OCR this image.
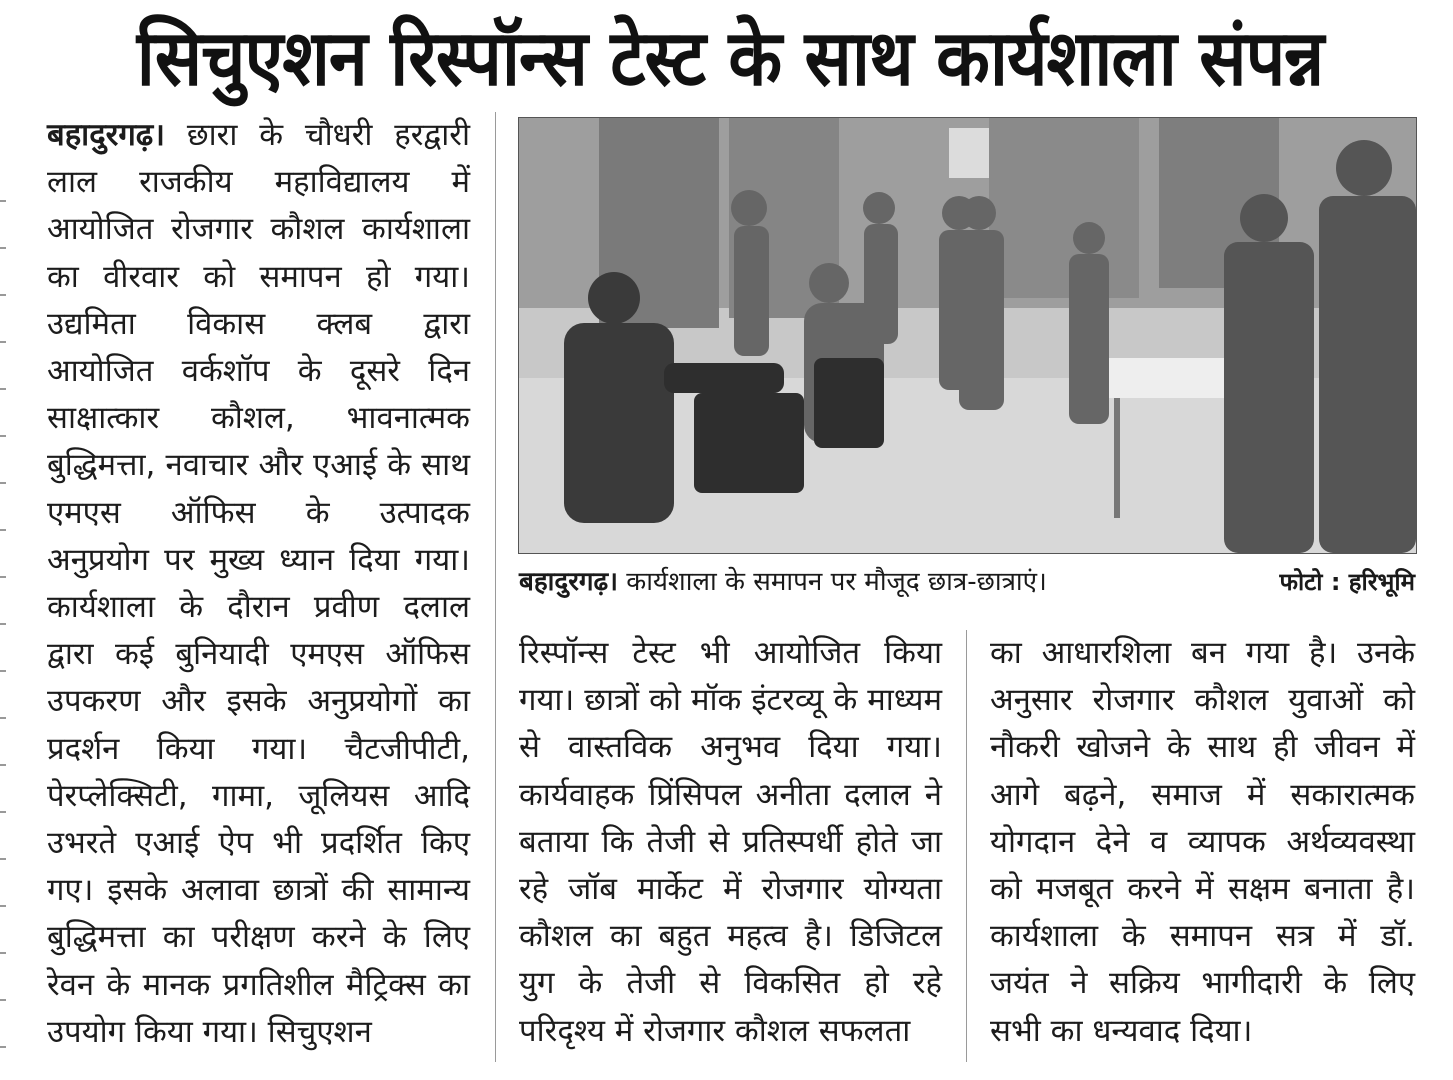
सिचुएशन रिस्पॉन्स टेस्ट के साथ कार्यशाला संपन्न
बहादुरगढ़। छारा के चौधरी हरद्वारी
लाल राजकीय महाविद्यालय में
आयोजित रोजगार कौशल कार्यशाला
का वीरवार को समापन हो गया।
उद्यमिता विकास क्लब द्वारा
आयोजित वर्कशॉप के दूसरे दिन
साक्षात्कार कौशल, भावनात्मक
बुद्धिमत्ता, नवाचार और एआई के साथ
एमएस ऑफिस के उत्पादक
अनुप्रयोग पर मुख्य ध्यान दिया गया।
कार्यशाला के दौरान प्रवीण दलाल
द्वारा कई बुनियादी एमएस ऑफिस
उपकरण और इसके अनुप्रयोगों का
प्रदर्शन किया गया। चैटजीपीटी,
पेरप्लेक्सिटी, गामा, जूलियस आदि
उभरते एआई ऐप भी प्रदर्शित किए
गए। इसके अलावा छात्रों की सामान्य
बुद्धिमत्ता का परीक्षण करने के लिए
रेवन के मानक प्रगतिशील मैट्रिक्स का
उपयोग किया गया। सिचुएशन
बहादुरगढ़। कार्यशाला के समापन पर मौजूद छात्र-छात्राएं।	फोटो : हरिभूमि
रिस्पॉन्स टेस्ट भी आयोजित किया
गया। छात्रों को मॉक इंटरव्यू के माध्यम
से वास्तविक अनुभव दिया गया।
कार्यवाहक प्रिंसिपल अनीता दलाल ने
बताया कि तेजी से प्रतिस्पर्धी होते जा
रहे जॉब मार्केट में रोजगार योग्यता
कौशल का बहुत महत्व है। डिजिटल
युग के तेजी से विकसित हो रहे
परिदृश्य में रोजगार कौशल सफलता
का आधारशिला बन गया है। उनके
अनुसार रोजगार कौशल युवाओं को
नौकरी खोजने के साथ ही जीवन में
आगे बढ़ने, समाज में सकारात्मक
योगदान देने व व्यापक अर्थव्यवस्था
को मजबूत करने में सक्षम बनाता है।
कार्यशाला के समापन सत्र में डॉ.
जयंत ने सक्रिय भागीदारी के लिए
सभी का धन्यवाद दिया।
